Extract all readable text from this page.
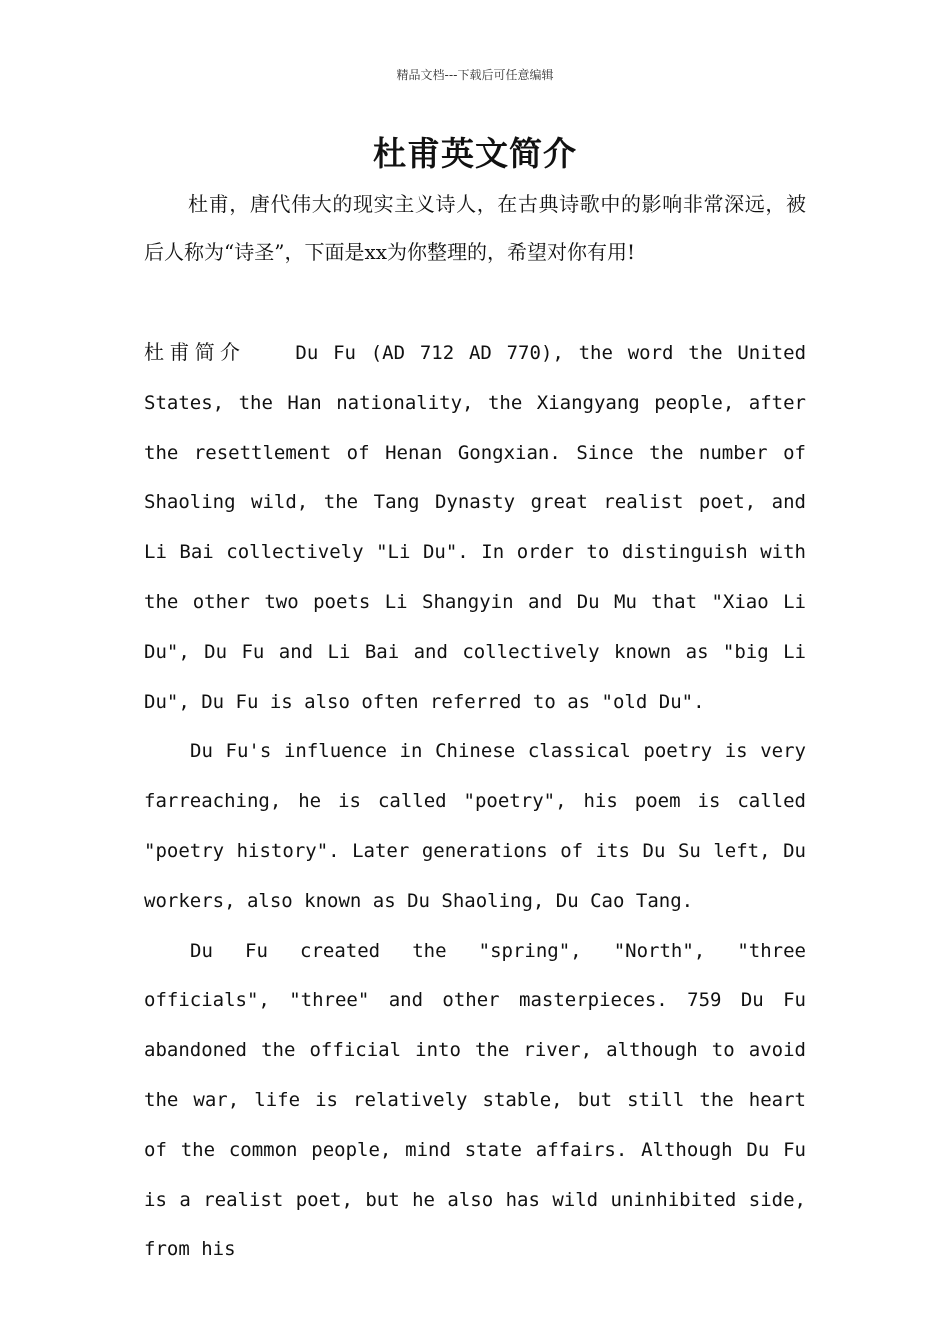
精品文档---下载后可任意编辑
杜甫英文简介

杜甫，唐代伟大的现实主义诗人，在古典诗歌中的影响非常深远，被后人称为“诗圣”，下面是xx为你整理的，希望对你有用!

杜甫简介	Du Fu (AD 712 AD 770), the word the United States, the Han nationality, the Xiangyang people, after the resettlement of Henan Gongxian. Since the number of Shaoling wild, the Tang Dynasty great realist poet, and Li Bai collectively "Li Du". In order to distinguish with the other two poets Li Shangyin and Du Mu that "Xiao Li Du", Du Fu and Li Bai and collectively known as "big Li Du", Du Fu is also often referred to as "old Du".

Du Fu's influence in Chinese classical poetry is very farreaching, he is called "poetry", his poem is called "poetry history". Later generations of its Du Su left, Du workers, also known as Du Shaoling, Du Cao Tang.

Du Fu created the "spring", "North", "three officials", "three" and other masterpieces. 759 Du Fu abandoned the official into the river, although to avoid the war, life is relatively stable, but still the heart of the common people, mind state affairs. Although Du Fu is a realist poet, but he also has wild uninhibited side, from his
